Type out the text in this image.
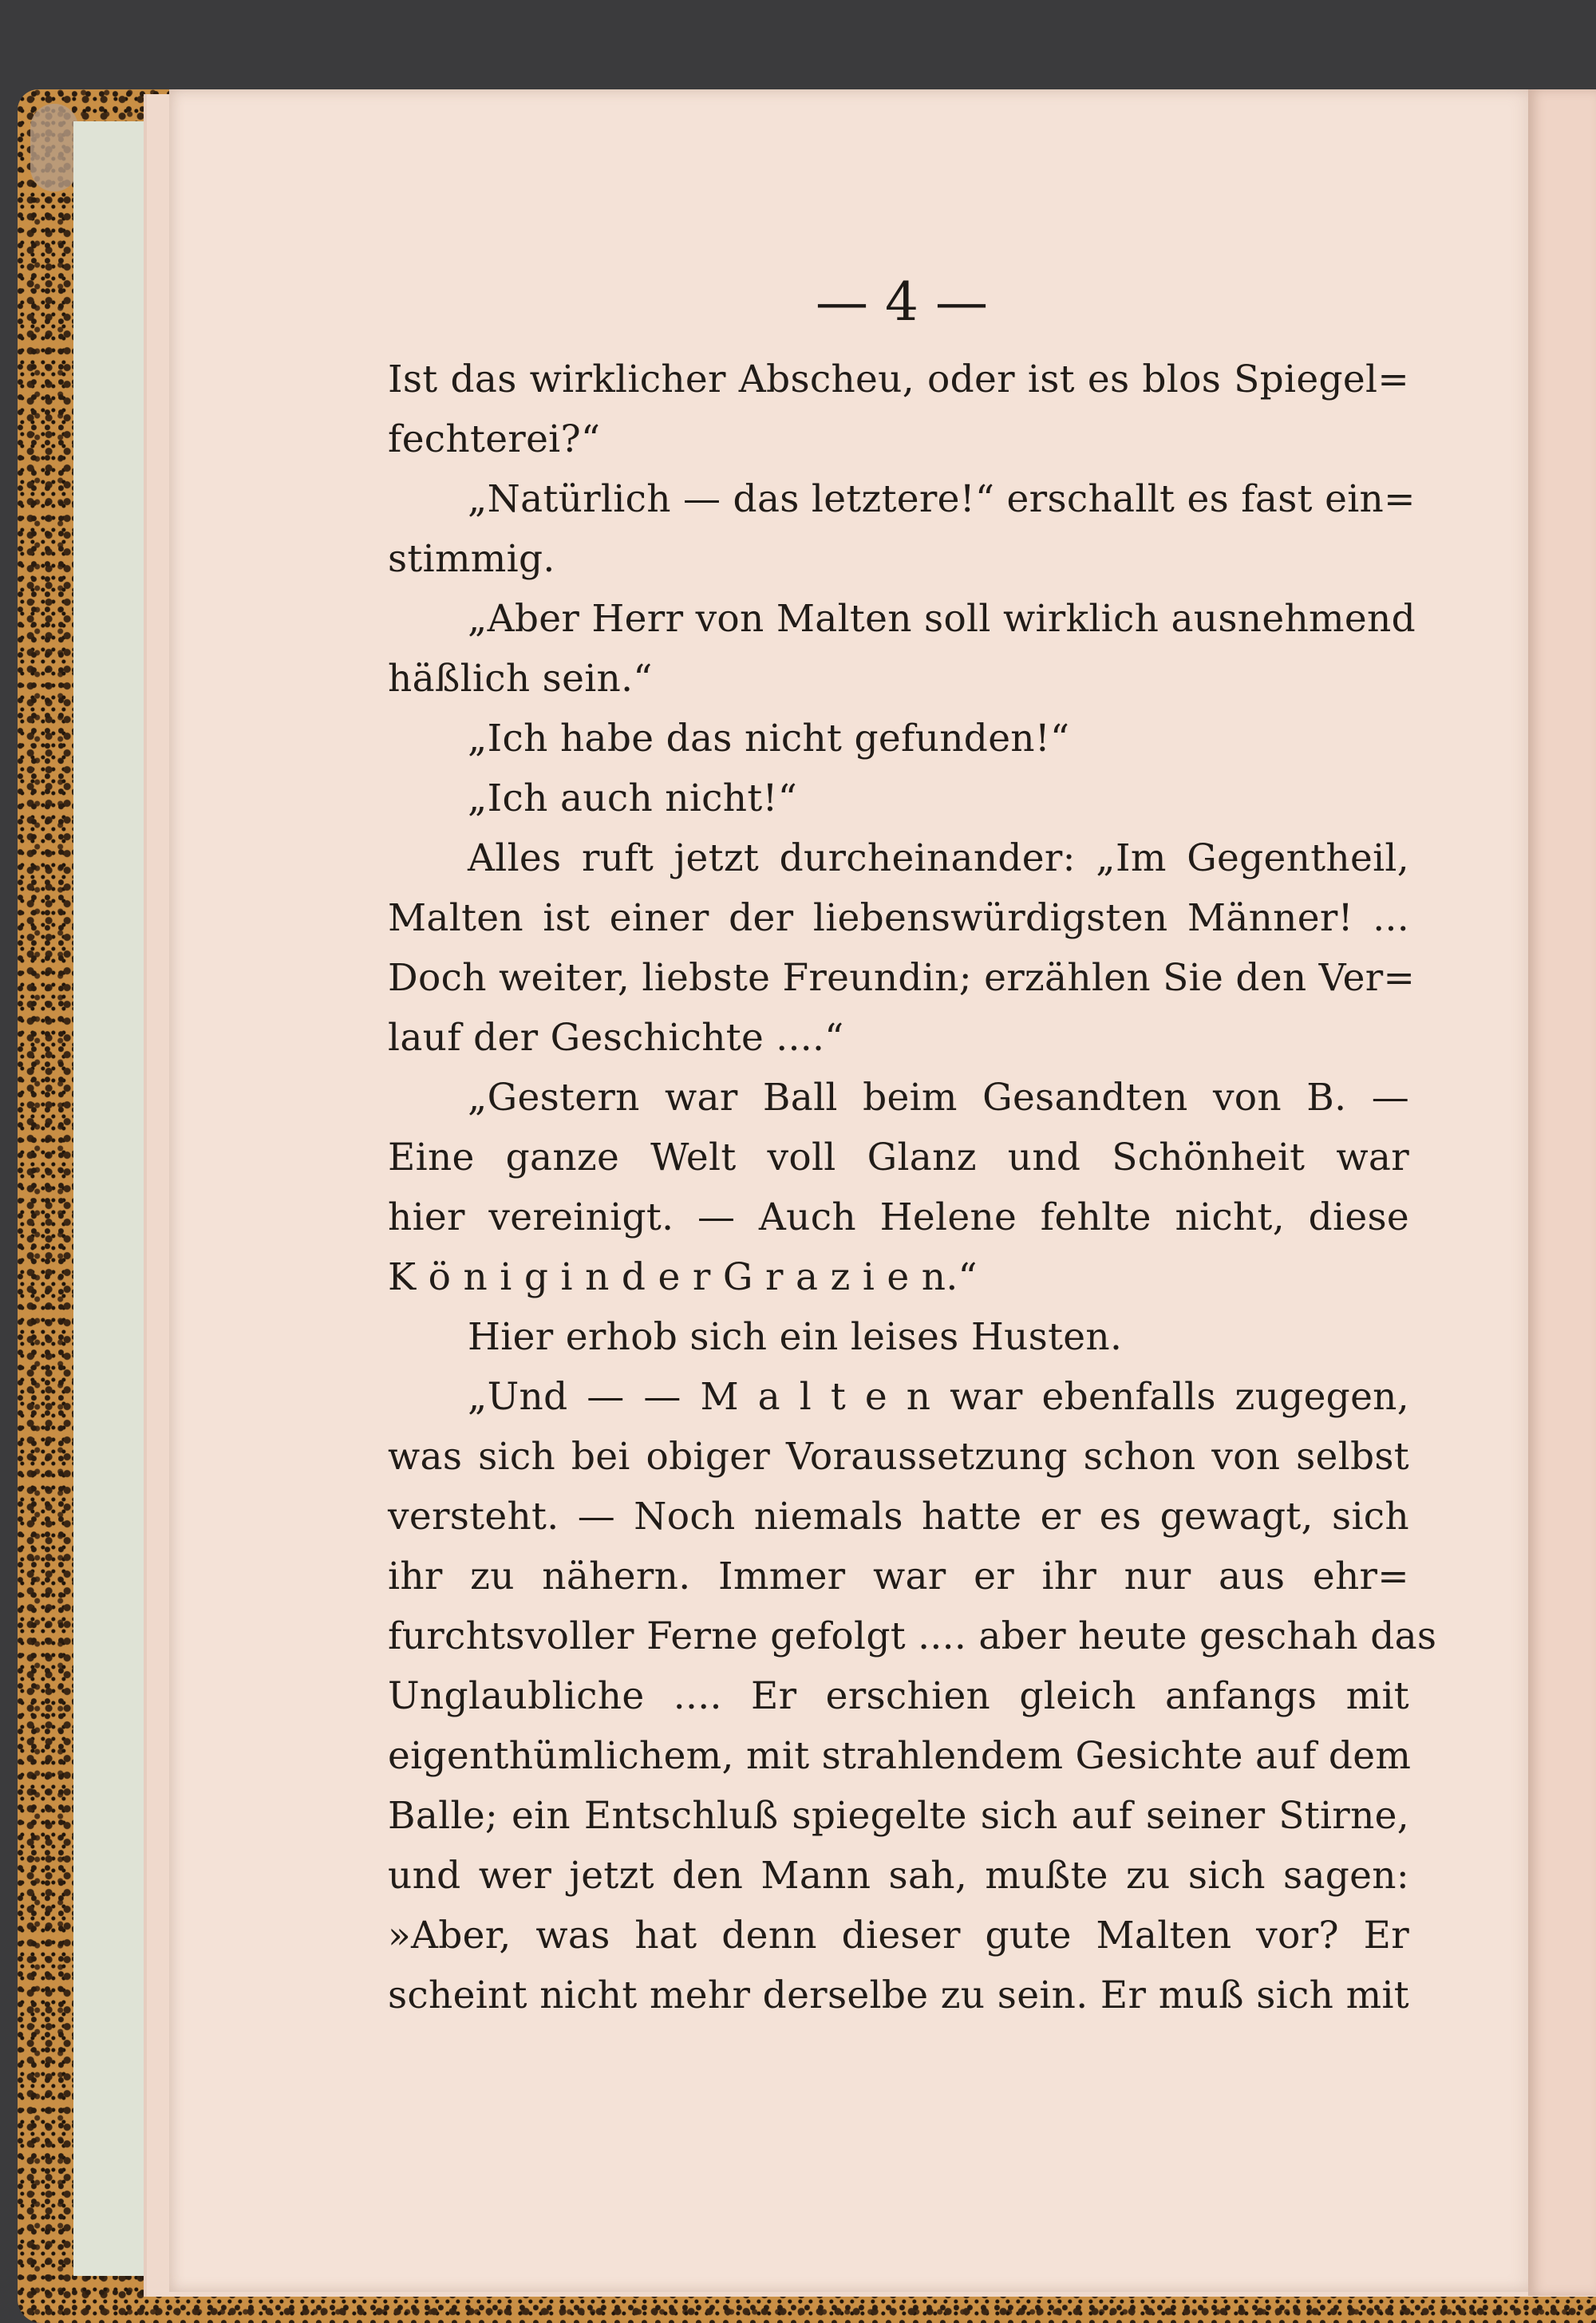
— 4 —
Ist das wirklicher Abscheu, oder ist es blos Spiegel=
fechterei?“
„Natürlich — das letztere!“ erschallt es fast ein=
stimmig.
„Aber Herr von Malten soll wirklich ausnehmend
häßlich sein.“
„Ich habe das nicht gefunden!“
„Ich auch nicht!“
Alles ruft jetzt durcheinander: „Im Gegentheil,
Malten ist einer der liebenswürdigsten Männer! ...
Doch weiter, liebste Freundin; erzählen Sie den Ver=
lauf der Geschichte ....“
„Gestern war Ball beim Gesandten von B. —
Eine ganze Welt voll Glanz und Schönheit war
hier vereinigt. — Auch Helene fehlte nicht, diese
K ö n i g i n d e r G r a z i e n.“
Hier erhob sich ein leises Husten.
„Und — — M a l t e n war ebenfalls zugegen,
was sich bei obiger Voraussetzung schon von selbst
versteht. — Noch niemals hatte er es gewagt, sich
ihr zu nähern. Immer war er ihr nur aus ehr=
furchtsvoller Ferne gefolgt .... aber heute geschah das
Unglaubliche .... Er erschien gleich anfangs mit
eigenthümlichem, mit strahlendem Gesichte auf dem
Balle; ein Entschluß spiegelte sich auf seiner Stirne,
und wer jetzt den Mann sah, mußte zu sich sagen:
»Aber, was hat denn dieser gute Malten vor? Er
scheint nicht mehr derselbe zu sein. Er muß sich mit
